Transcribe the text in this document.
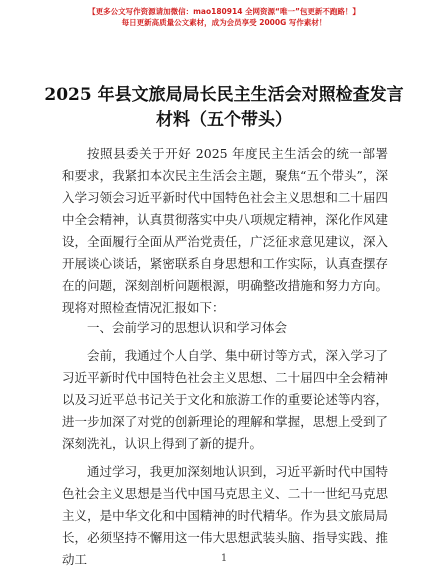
【更多公文写作资源请加微信：mao180914 全网资源“唯一”包更新不跑路！】
每日更新高质量公文素材，成为会员享受 2000G 写作素材！
2025 年县文旅局局长民主生活会对照检查发言
材料（五个带头）

按照县委关于开好 2025 年度民主生活会的统一部署和要求，我紧扣本次民主生活会主题，聚焦“五个带头”，深入学习领会习近平新时代中国特色社会主义思想和二十届四中全会精神，认真贯彻落实中央八项规定精神，深化作风建设，全面履行全面从严治党责任，广泛征求意见建议，深入开展谈心谈话，紧密联系自身思想和工作实际，认真查摆存在的问题，深刻剖析问题根源，明确整改措施和努力方向。现将对照检查情况汇报如下：

一、会前学习的思想认识和学习体会

会前，我通过个人自学、集中研讨等方式，深入学习了习近平新时代中国特色社会主义思想、二十届四中全会精神以及习近平总书记关于文化和旅游工作的重要论述等内容，进一步加深了对党的创新理论的理解和掌握，思想上受到了深刻洗礼，认识上得到了新的提升。

通过学习，我更加深刻地认识到，习近平新时代中国特色社会主义思想是当代中国马克思主义、二十一世纪马克思主义，是中华文化和中国精神的时代精华。作为县文旅局局长，必须坚持不懈用这一伟大思想武装头脑、指导实践、推动工	1
